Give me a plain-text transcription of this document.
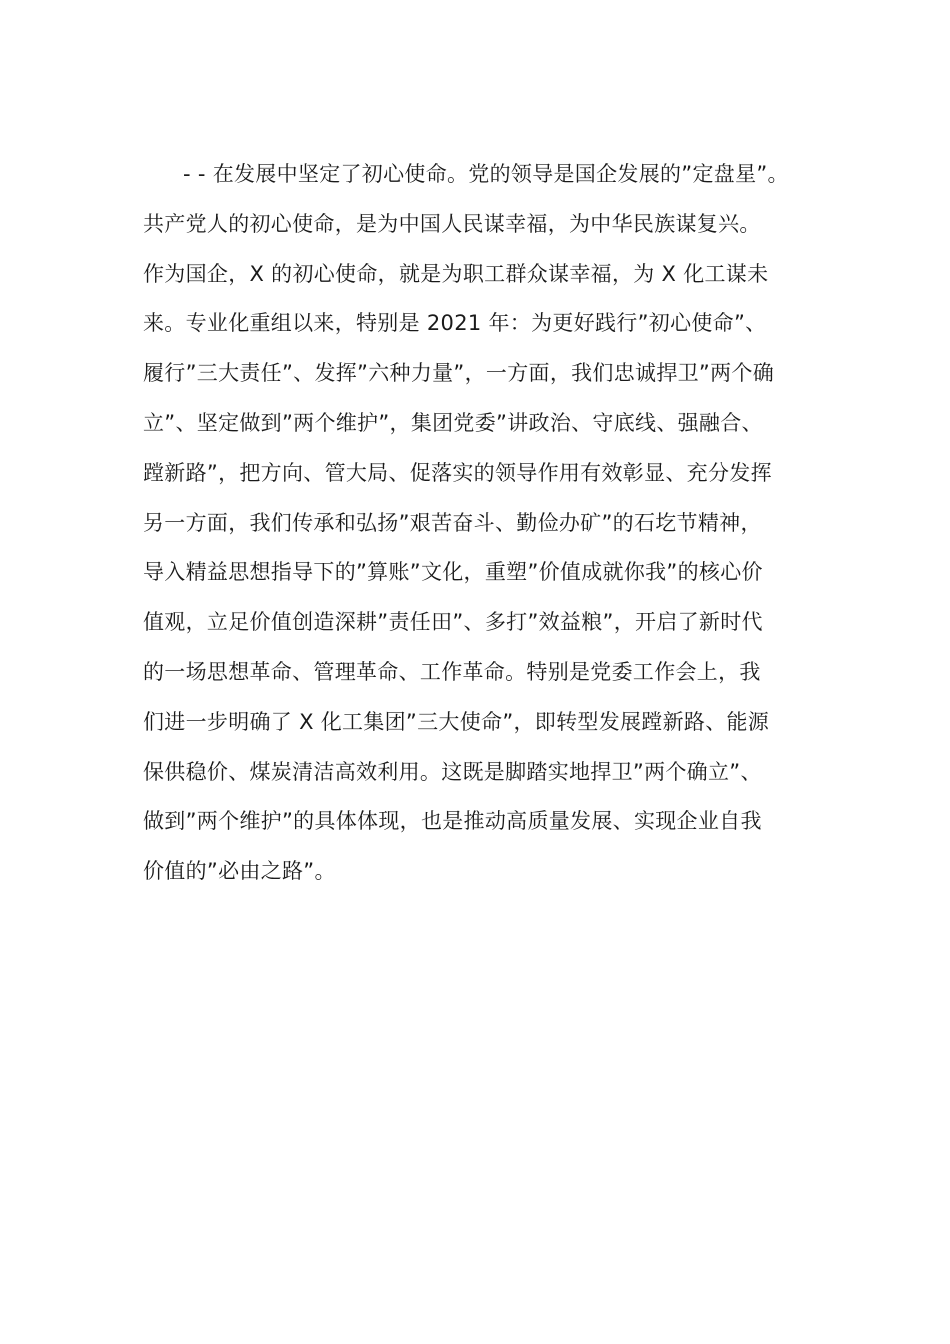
- - 在发展中坚定了初心使命。党的领导是国企发展的”定盘星”。
共产党人的初心使命，是为中国人民谋幸福，为中华民族谋复兴。
作为国企，X 的初心使命，就是为职工群众谋幸福，为 X 化工谋未
来。专业化重组以来，特别是 2021 年：为更好践行”初心使命”、
履行”三大责任”、发挥”六种力量”，一方面，我们忠诚捍卫”两个确
立”、坚定做到”两个维护”，集团党委”讲政治、守底线、强融合、
蹚新路”，把方向、管大局、促落实的领导作用有效彰显、充分发挥
另一方面，我们传承和弘扬”艰苦奋斗、勤俭办矿”的石圪节精神，
导入精益思想指导下的”算账”文化，重塑”价值成就你我”的核心价
值观，立足价值创造深耕”责任田”、多打”效益粮”，开启了新时代
的一场思想革命、管理革命、工作革命。特别是党委工作会上，我
们进一步明确了 X 化工集团”三大使命”，即转型发展蹚新路、能源
保供稳价、煤炭清洁高效利用。这既是脚踏实地捍卫”两个确立”、
做到”两个维护”的具体体现，也是推动高质量发展、实现企业自我
价值的”必由之路”。
